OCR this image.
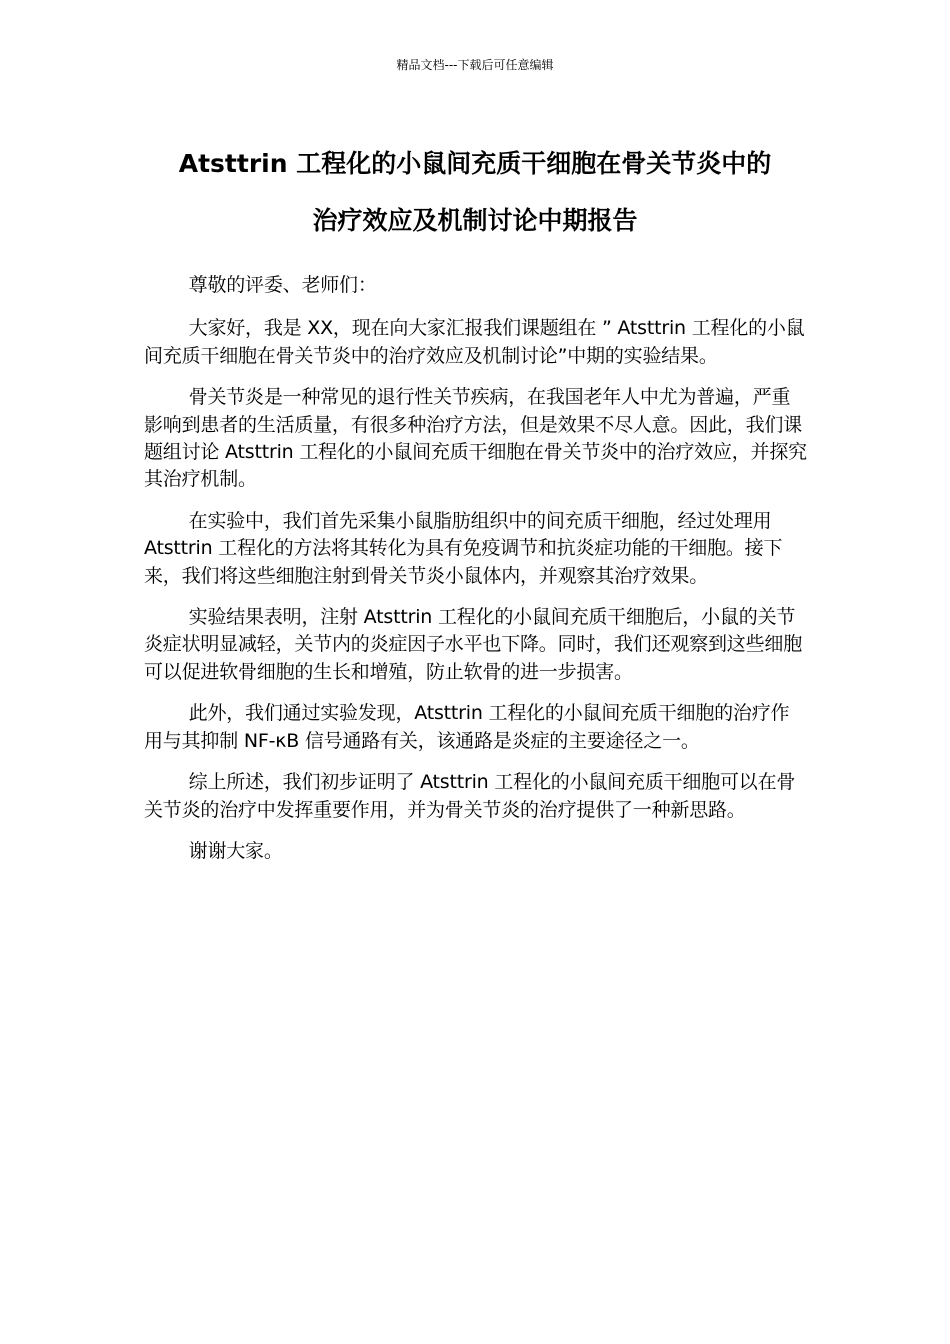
精品文档---下载后可任意编辑
Atsttrin 工程化的小鼠间充质干细胞在骨关节炎中的
治疗效应及机制讨论中期报告

尊敬的评委、老师们：

大家好，我是 XX，现在向大家汇报我们课题组在 ” Atsttrin 工程化的小鼠间充质干细胞在骨关节炎中的治疗效应及机制讨论”中期的实验结果。

骨关节炎是一种常见的退行性关节疾病，在我国老年人中尤为普遍，严重影响到患者的生活质量，有很多种治疗方法，但是效果不尽人意。因此，我们课题组讨论 Atsttrin 工程化的小鼠间充质干细胞在骨关节炎中的治疗效应，并探究其治疗机制。

在实验中，我们首先采集小鼠脂肪组织中的间充质干细胞，经过处理用 Atsttrin 工程化的方法将其转化为具有免疫调节和抗炎症功能的干细胞。接下来，我们将这些细胞注射到骨关节炎小鼠体内，并观察其治疗效果。

实验结果表明，注射 Atsttrin 工程化的小鼠间充质干细胞后，小鼠的关节炎症状明显减轻，关节内的炎症因子水平也下降。同时，我们还观察到这些细胞可以促进软骨细胞的生长和增殖，防止软骨的进一步损害。

此外，我们通过实验发现，Atsttrin 工程化的小鼠间充质干细胞的治疗作用与其抑制 NF-κB 信号通路有关，该通路是炎症的主要途径之一。

综上所述，我们初步证明了 Atsttrin 工程化的小鼠间充质干细胞可以在骨关节炎的治疗中发挥重要作用，并为骨关节炎的治疗提供了一种新思路。

谢谢大家。
